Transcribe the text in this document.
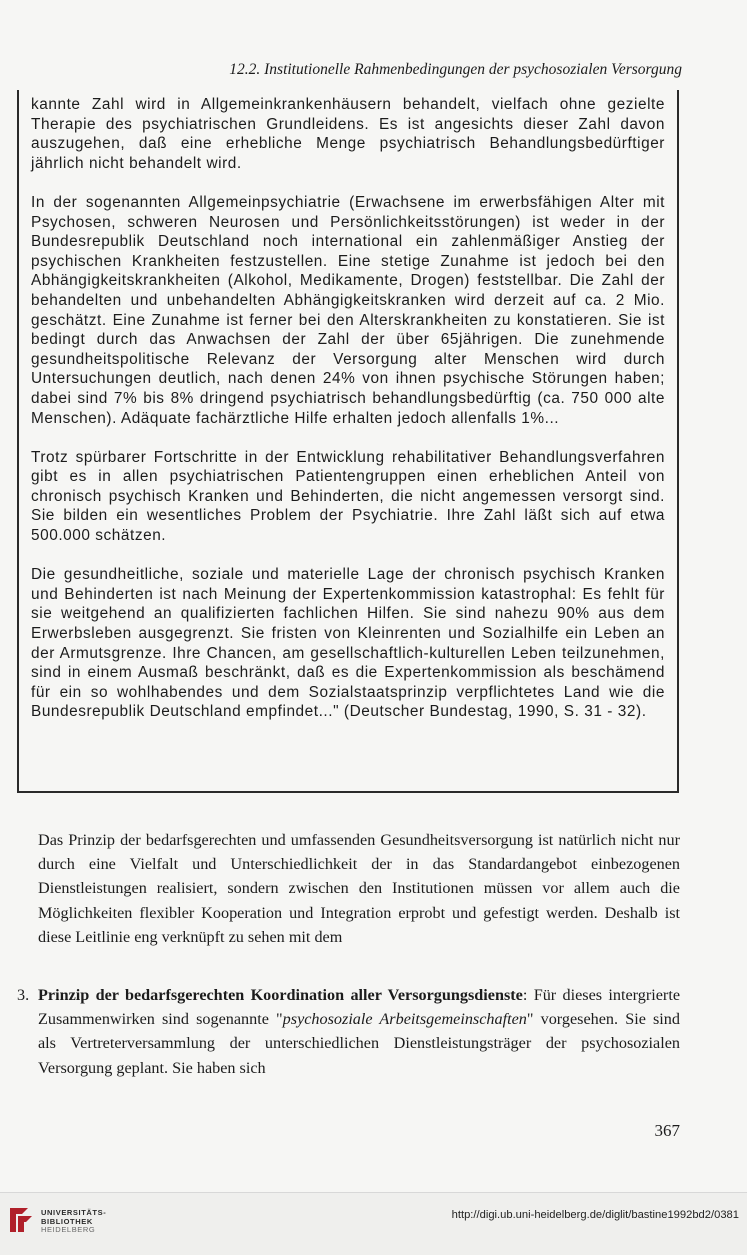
12.2. Institutionelle Rahmenbedingungen der psychosozialen Versorgung

kannte Zahl wird in Allgemeinkrankenhäusern behandelt, vielfach ohne gezielte Therapie des psychiatrischen Grundleidens. Es ist angesichts dieser Zahl davon auszugehen, daß eine erhebliche Menge psychiatrisch Behandlungsbedürftiger jährlich nicht behandelt wird.

In der sogenannten Allgemeinpsychiatrie (Erwachsene im erwerbsfähigen Alter mit Psychosen, schweren Neurosen und Persönlichkeitsstörungen) ist weder in der Bundesrepublik Deutschland noch international ein zahlenmäßiger Anstieg der psychischen Krankheiten festzustellen. Eine stetige Zunahme ist jedoch bei den Abhängigkeitskrankheiten (Alkohol, Medikamente, Drogen) feststellbar. Die Zahl der behandelten und unbehandelten Abhängigkeitskranken wird derzeit auf ca. 2 Mio. geschätzt. Eine Zunahme ist ferner bei den Alterskrankheiten zu konstatieren. Sie ist bedingt durch das Anwachsen der Zahl der über 65jährigen. Die zunehmende gesundheitspolitische Relevanz der Versorgung alter Menschen wird durch Untersuchungen deutlich, nach denen 24% von ihnen psychische Störungen haben; dabei sind 7% bis 8% dringend psychiatrisch behandlungsbedürftig (ca. 750 000 alte Menschen). Adäquate fachärztliche Hilfe erhalten jedoch allenfalls 1%...

Trotz spürbarer Fortschritte in der Entwicklung rehabilitativer Behandlungsverfahren gibt es in allen psychiatrischen Patientengruppen einen erheblichen Anteil von chronisch psychisch Kranken und Behinderten, die nicht angemessen versorgt sind. Sie bilden ein wesentliches Problem der Psychiatrie. Ihre Zahl läßt sich auf etwa 500.000 schätzen.

Die gesundheitliche, soziale und materielle Lage der chronisch psychisch Kranken und Behinderten ist nach Meinung der Expertenkommission katastrophal: Es fehlt für sie weitgehend an qualifizierten fachlichen Hilfen. Sie sind nahezu 90% aus dem Erwerbsleben ausgegrenzt. Sie fristen von Kleinrenten und Sozialhilfe ein Leben an der Armutsgrenze. Ihre Chancen, am gesellschaftlich-kulturellen Leben teilzunehmen, sind in einem Ausmaß beschränkt, daß es die Expertenkommission als beschämend für ein so wohlhabendes und dem Sozialstaatsprinzip verpflichtetes Land wie die Bundesrepublik Deutschland empfindet..." (Deutscher Bundestag, 1990, S. 31 - 32).

Das Prinzip der bedarfsgerechten und umfassenden Gesundheitsversorgung ist natürlich nicht nur durch eine Vielfalt und Unterschiedlichkeit der in das Standardangebot einbezogenen Dienstleistungen realisiert, sondern zwischen den Institutionen müssen vor allem auch die Möglichkeiten flexibler Kooperation und Integration erprobt und gefestigt werden. Deshalb ist diese Leitlinie eng verknüpft zu sehen mit dem

3. Prinzip der bedarfsgerechten Koordination aller Versorgungsdienste: Für dieses intergrierte Zusammenwirken sind sogenannte "psychosoziale Arbeitsgemeinschaften" vorgesehen. Sie sind als Vertreterversammlung der unterschiedlichen Dienstleistungsträger der psychosozialen Versorgung geplant. Sie haben sich
367
UNIVERSITÄTS-
BIBLIOTHEK
HEIDELBERG
http://digi.ub.uni-heidelberg.de/diglit/bastine1992bd2/0381
